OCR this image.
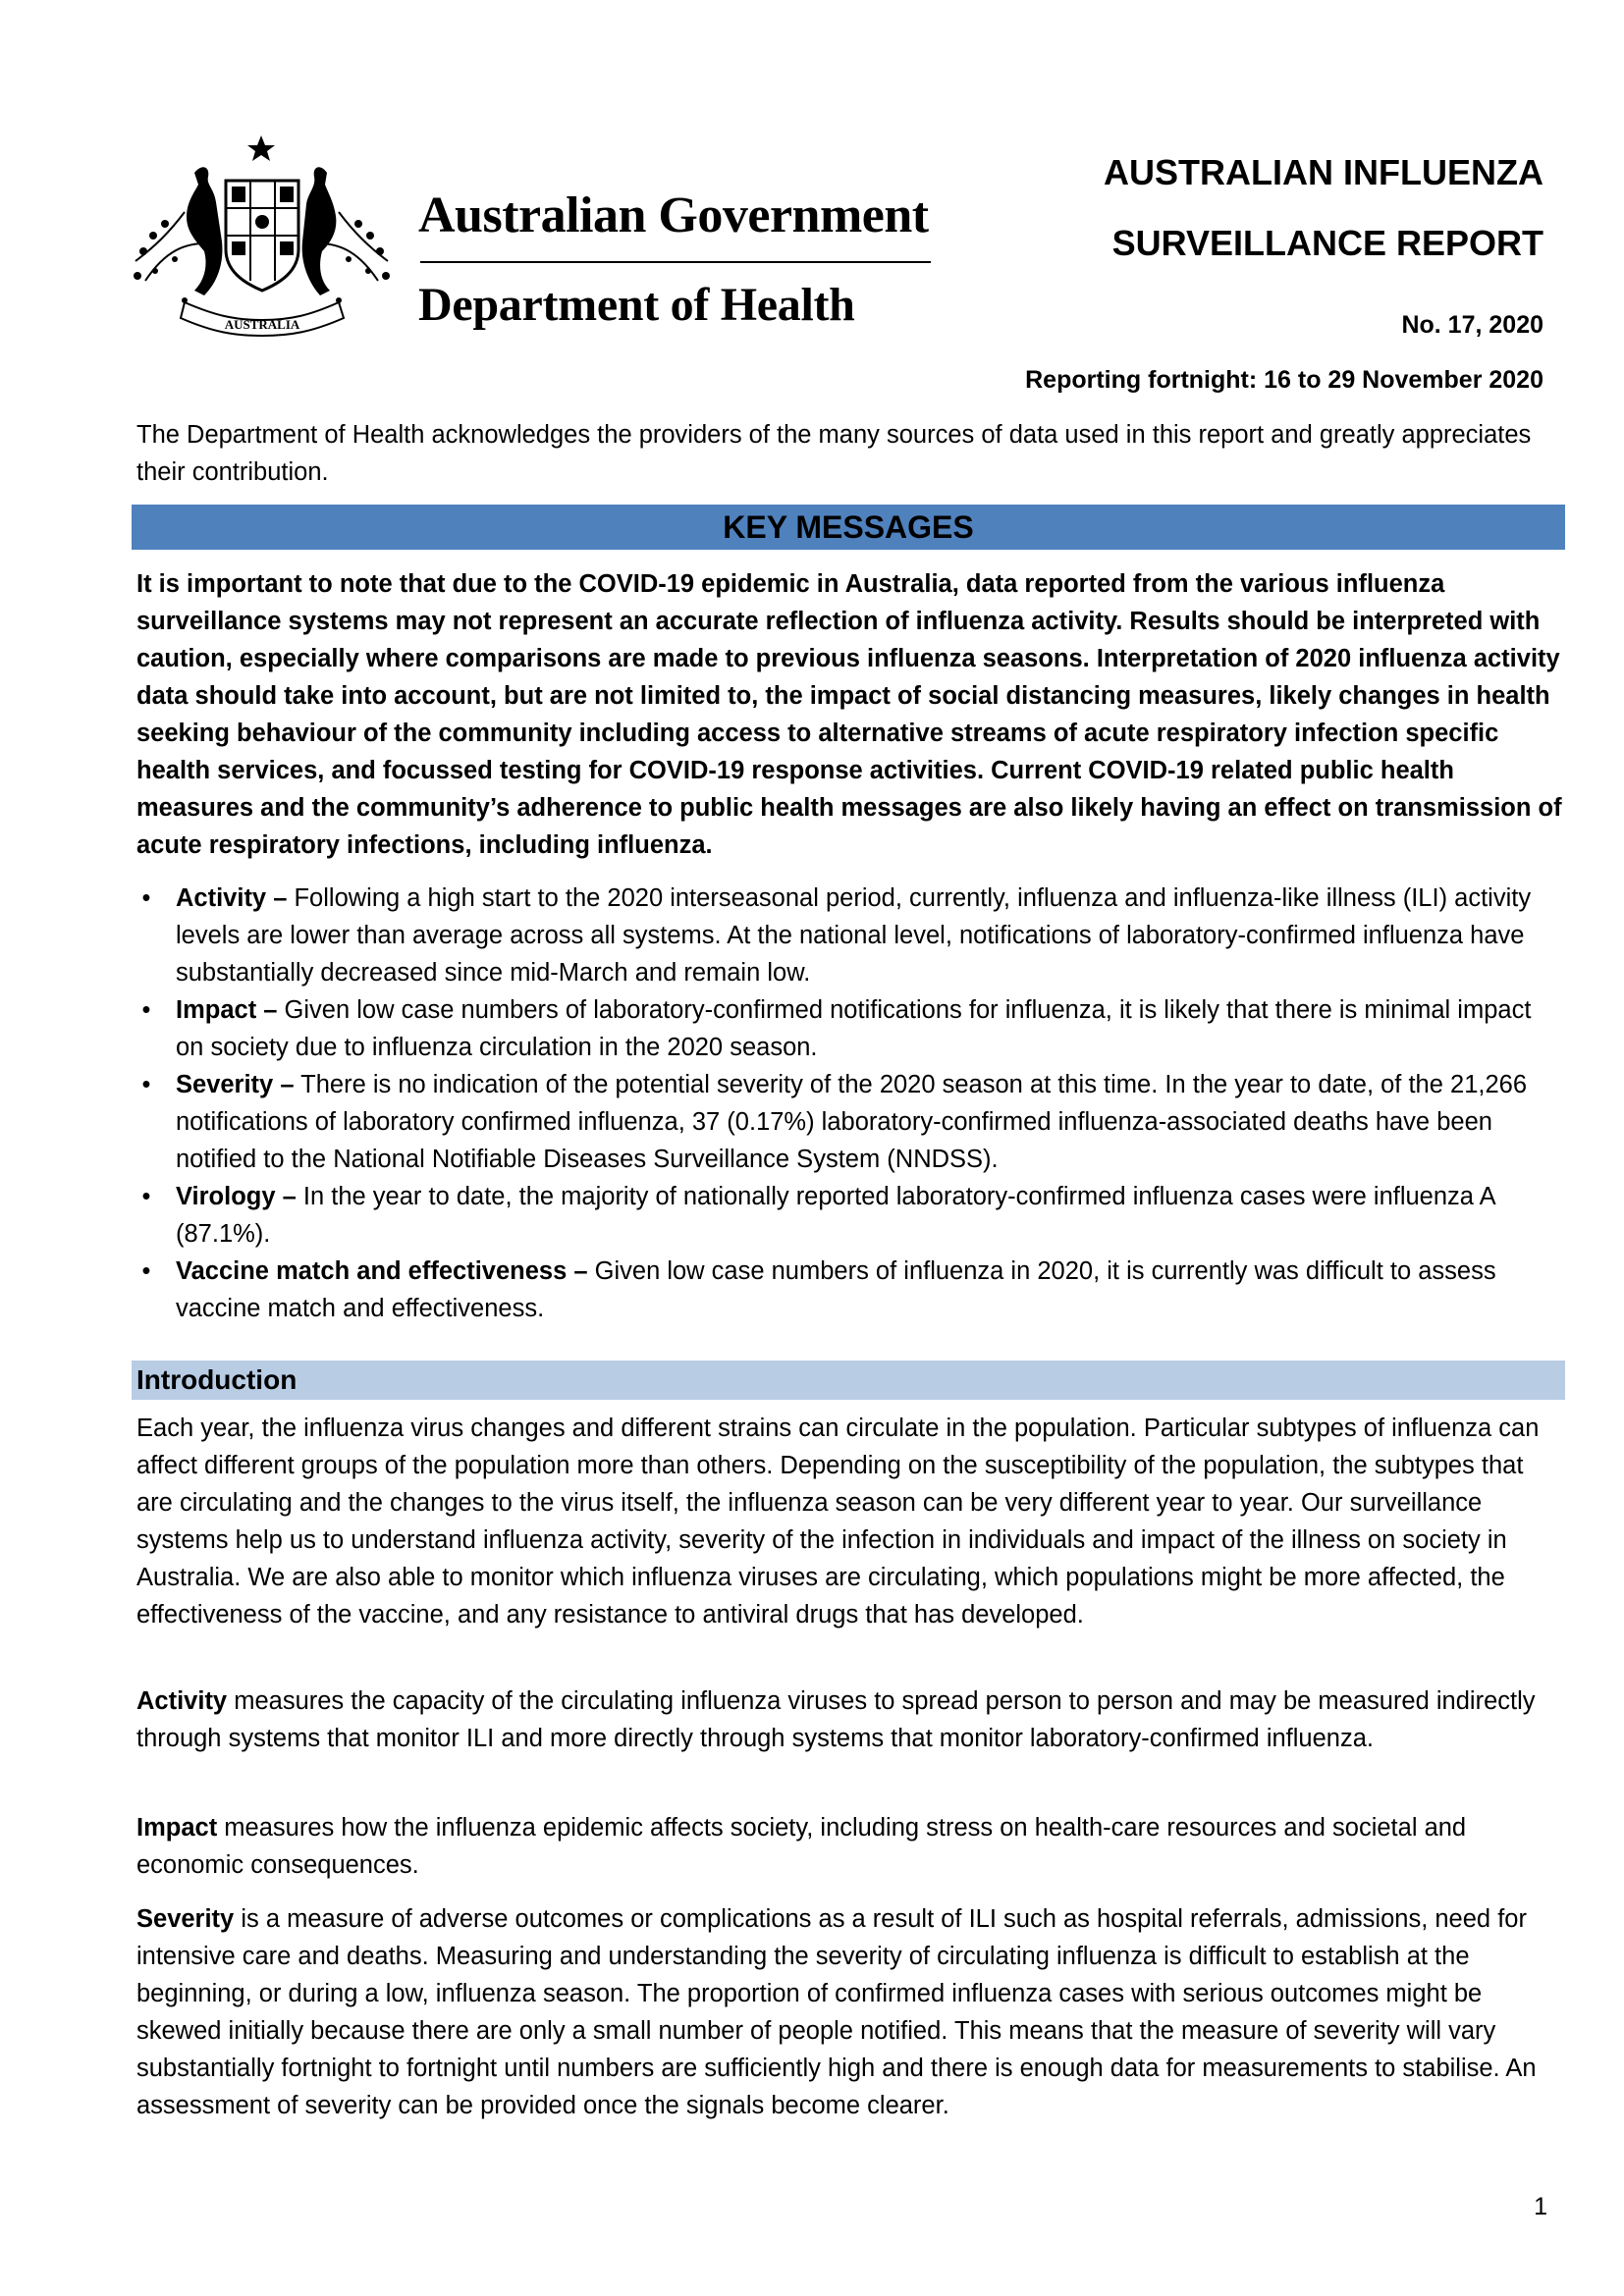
AUSTRALIA
Australian Government
Department of Health
AUSTRALIAN INFLUENZA
SURVEILLANCE REPORT
No. 17, 2020
Reporting fortnight: 16 to 29 November 2020

The Department of Health acknowledges the providers of the many sources of data used in this report and greatly appreciates their contribution.

KEY MESSAGES

It is important to note that due to the COVID-19 epidemic in Australia, data reported from the various influenza surveillance systems may not represent an accurate reflection of influenza activity. Results should be interpreted with caution, especially where comparisons are made to previous influenza seasons. Interpretation of 2020 influenza activity data should take into account, but are not limited to, the impact of social distancing measures, likely changes in health seeking behaviour of the community including access to alternative streams of acute respiratory infection specific health services, and focussed testing for COVID-19 response activities. Current COVID-19 related public health measures and the community’s adherence to public health messages are also likely having an effect on transmission of acute respiratory infections, including influenza.

• Activity – Following a high start to the 2020 interseasonal period, currently, influenza and influenza-like illness (ILI) activity levels are lower than average across all systems. At the national level, notifications of laboratory-confirmed influenza have substantially decreased since mid-March and remain low.
• Impact – Given low case numbers of laboratory-confirmed notifications for influenza, it is likely that there is minimal impact on society due to influenza circulation in the 2020 season.
• Severity – There is no indication of the potential severity of the 2020 season at this time. In the year to date, of the 21,266 notifications of laboratory confirmed influenza, 37 (0.17%) laboratory-confirmed influenza-associated deaths have been notified to the National Notifiable Diseases Surveillance System (NNDSS).
• Virology – In the year to date, the majority of nationally reported laboratory-confirmed influenza cases were influenza A (87.1%).
• Vaccine match and effectiveness – Given low case numbers of influenza in 2020, it is currently was difficult to assess vaccine match and effectiveness.
Introduction

Each year, the influenza virus changes and different strains can circulate in the population. Particular subtypes of influenza can affect different groups of the population more than others. Depending on the susceptibility of the population, the subtypes that are circulating and the changes to the virus itself, the influenza season can be very different year to year. Our surveillance systems help us to understand influenza activity, severity of the infection in individuals and impact of the illness on society in Australia. We are also able to monitor which influenza viruses are circulating, which populations might be more affected, the effectiveness of the vaccine, and any resistance to antiviral drugs that has developed.

Activity measures the capacity of the circulating influenza viruses to spread person to person and may be measured indirectly through systems that monitor ILI and more directly through systems that monitor laboratory-confirmed influenza.

Impact measures how the influenza epidemic affects society, including stress on health-care resources and societal and economic consequences.

Severity is a measure of adverse outcomes or complications as a result of ILI such as hospital referrals, admissions, need for intensive care and deaths. Measuring and understanding the severity of circulating influenza is difficult to establish at the beginning, or during a low, influenza season. The proportion of confirmed influenza cases with serious outcomes might be skewed initially because there are only a small number of people notified. This means that the measure of severity will vary substantially fortnight to fortnight until numbers are sufficiently high and there is enough data for measurements to stabilise. An assessment of severity can be provided once the signals become clearer.

1
